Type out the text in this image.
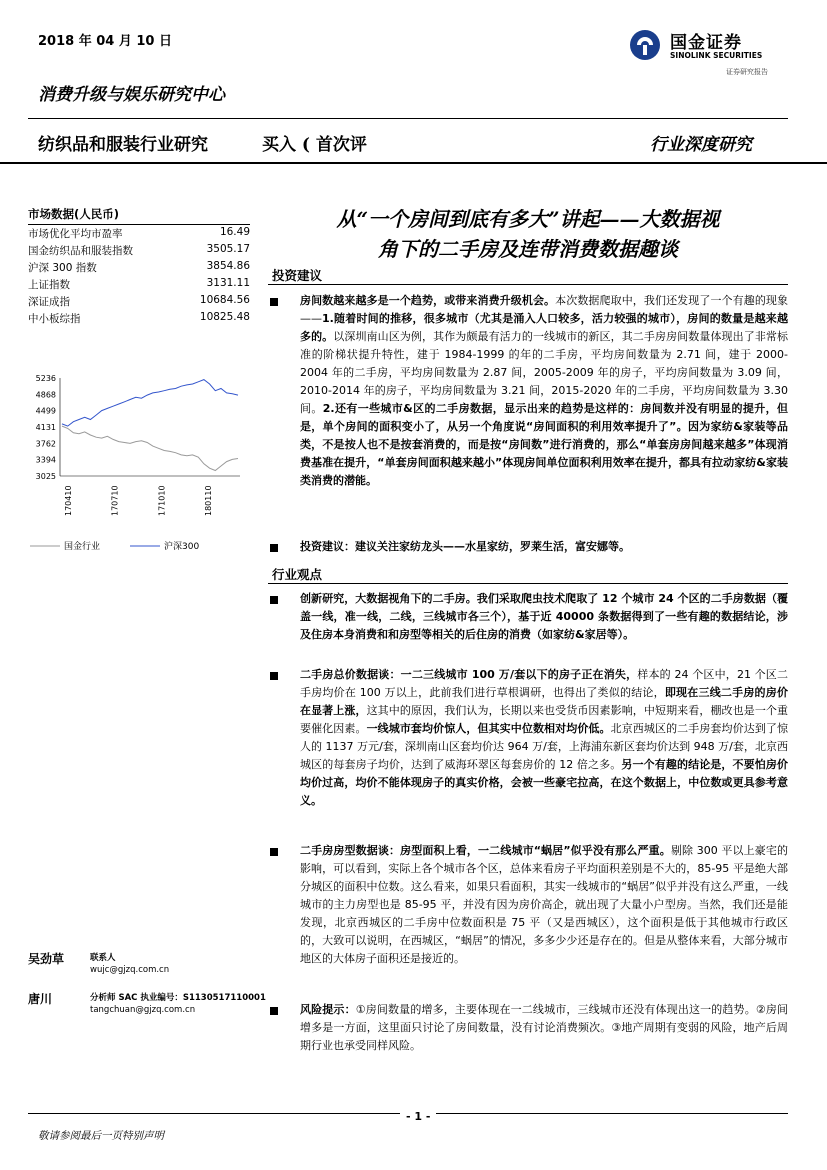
2018 年 04 月 10 日	国金证券
SINOLINK SECURITIES
证券研究报告
消费升级与娱乐研究中心
纺织品和服装行业研究	买入 ( 首次评	行业深度研究
市场数据(人民币)
市场优化平均市盈率	16.49
国金纺织品和服装指数	3505.17
沪深 300 指数	3854.86
上证指数	3131.11
深证成指	10684.56
中小板综指	10825.48
5236
4868
4499
4131
3762
3394
3025
170410	170710	171010	180110
国金行业	沪深300
从“一个房间到底有多大”讲起——大数据视
角下的二手房及连带消费数据趣谈
投资建议
房间数越来越多是一个趋势，或带来消费升级机会。本次数据爬取中，我们还发现了一个有趣的现象——1.随着时间的推移，很多城市（尤其是涌入人口较多，活力较强的城市），房间的数量是越来越多的。以深圳南山区为例，其作为颇最有活力的一线城市的新区，其二手房房间数量体现出了非常标准的阶梯状提升特性，建于 1984-1999 的年的二手房，平均房间数量为 2.71 间，建于 2000-2004 年的二手房，平均房间数量为 2.87 间，2005-2009 年的房子，平均房间数量为 3.09 间，2010-2014 年的房子，平均房间数量为 3.21 间，2015-2020 年的二手房，平均房间数量为 3.30 间。2.还有一些城市&区的二手房数据，显示出来的趋势是这样的：房间数并没有明显的提升，但是，单个房间的面积变小了，从另一个角度说“房间面积的利用效率提升了”。因为家纺&家装等品类，不是按人也不是按套消费的，而是按“房间数”进行消费的，那么“单套房房间越来越多”体现消费基准在提升，“单套房间面积越来越小”体现房间单位面积利用效率在提升，都具有拉动家纺&家装类消费的潜能。
投资建议：建议关注家纺龙头——水星家纺，罗莱生活，富安娜等。
行业观点
创新研究，大数据视角下的二手房。我们采取爬虫技术爬取了 12 个城市 24 个区的二手房数据（覆盖一线，准一线，二线，三线城市各三个），基于近 40000 条数据得到了一些有趣的数据结论，涉及住房本身消费和和房型等相关的后住房的消费（如家纺&家居等）。
二手房总价数据谈：一二三线城市 100 万/套以下的房子正在消失，样本的 24 个区中，21 个区二手房均价在 100 万以上，此前我们进行草根调研，也得出了类似的结论，即现在三线二手房的房价在显著上涨，这其中的原因，我们认为，长期以来也受货币因素影响，中短期来看，棚改也是一个重要催化因素。一线城市套均价惊人，但其实中位数相对均价低。北京西城区的二手房套均价达到了惊人的 1137 万元/套，深圳南山区套均价达 964 万/套，上海浦东新区套均价达到 948 万/套，北京西城区的每套房子均价，达到了威海环翠区每套房价的 12 倍之多。另一个有趣的结论是，不要怕房价均价过高，均价不能体现房子的真实价格，会被一些豪宅拉高，在这个数据上，中位数或更具参考意义。
二手房房型数据谈：房型面积上看，一二线城市“蜗居”似乎没有那么严重。剔除 300 平以上豪宅的影响，可以看到，实际上各个城市各个区，总体来看房子平均面积差别是不大的，85-95 平是绝大部分城区的面积中位数。这么看来，如果只看面积，其实一线城市的“蜗居”似乎并没有这么严重，一线城市的主力房型也是 85-95 平，并没有因为房价高企，就出现了大量小户型房。当然，我们还是能发现，北京西城区的二手房中位数面积是 75 平（又是西城区），这个面积是低于其他城市行政区的，大致可以说明，在西城区，“蜗居”的情况，多多少少还是存在的。但是从整体来看，大部分城市地区的大体房子面积还是接近的。
风险提示：①房间数量的增多，主要体现在一二线城市，三线城市还没有体现出这一的趋势。②房间增多是一方面，这里面只讨论了房间数量，没有讨论消费频次。③地产周期有变弱的风险，地产后周期行业也承受同样风险。
吴劲草	联系人
wujc@gjzq.com.cn
唐川	分析师 SAC 执业编号：S1130517110001
tangchuan@gjzq.com.cn
- 1 -
敬请参阅最后一页特别声明
